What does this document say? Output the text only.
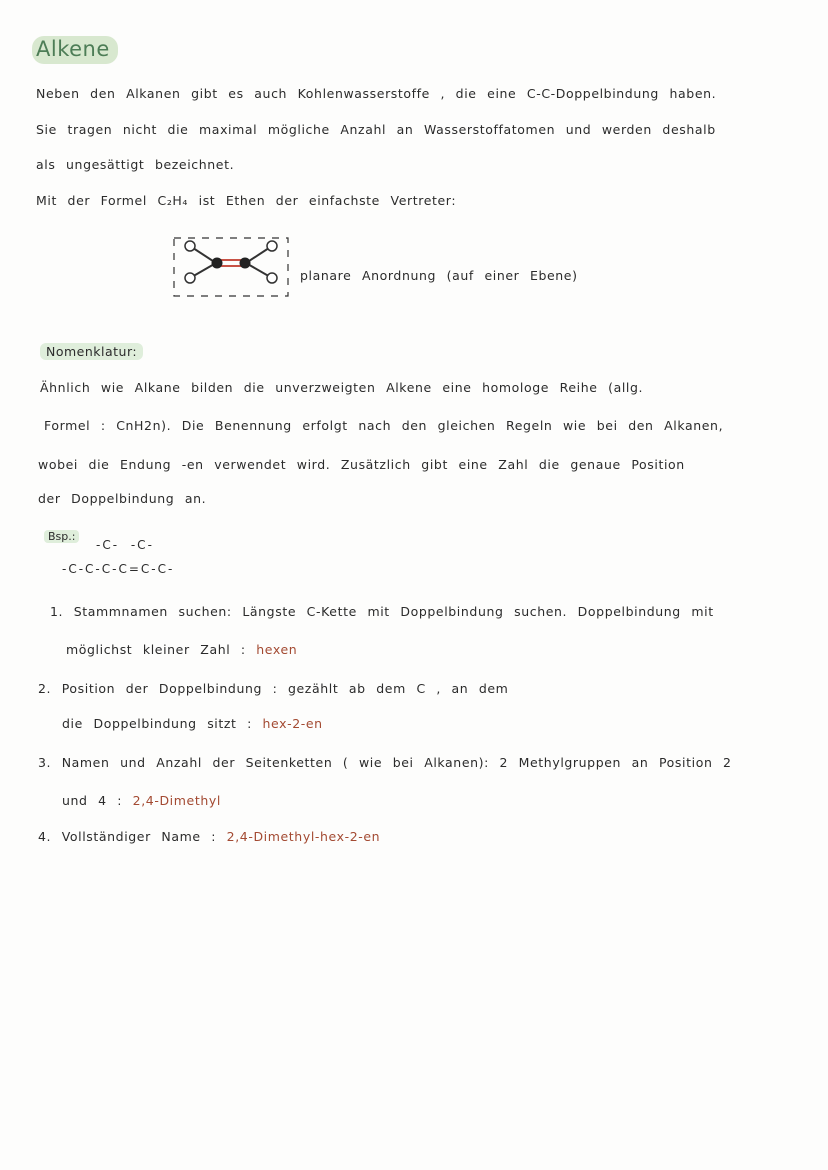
Alkene
Neben den Alkanen gibt es auch Kohlenwasserstoffe , die eine C-C-Doppelbindung haben.
Sie tragen nicht die maximal mögliche Anzahl an Wasserstoffatomen und werden deshalb
als ungesättigt bezeichnet.
Mit der Formel C₂H₄ ist Ethen der einfachste Vertreter:
planare Anordnung (auf einer Ebene)
Nomenklatur:
Ähnlich wie Alkane bilden die unverzweigten Alkene eine homologe Reihe (allg.
Formel : CnH2n). Die Benennung erfolgt nach den gleichen Regeln wie bei den Alkanen,
wobei die Endung -en verwendet wird. Zusätzlich gibt eine Zahl die genaue Position
der Doppelbindung an.
Bsp.:
-C- -C-
-C-C-C-C=C-C-
1. Stammnamen suchen: Längste C-Kette mit Doppelbindung suchen. Doppelbindung mit
möglichst kleiner Zahl : hexen
2. Position der Doppelbindung : gezählt ab dem C , an dem
die Doppelbindung sitzt : hex-2-en
3. Namen und Anzahl der Seitenketten ( wie bei Alkanen): 2 Methylgruppen an Position 2
und 4 : 2,4-Dimethyl
4. Vollständiger Name : 2,4-Dimethyl-hex-2-en
